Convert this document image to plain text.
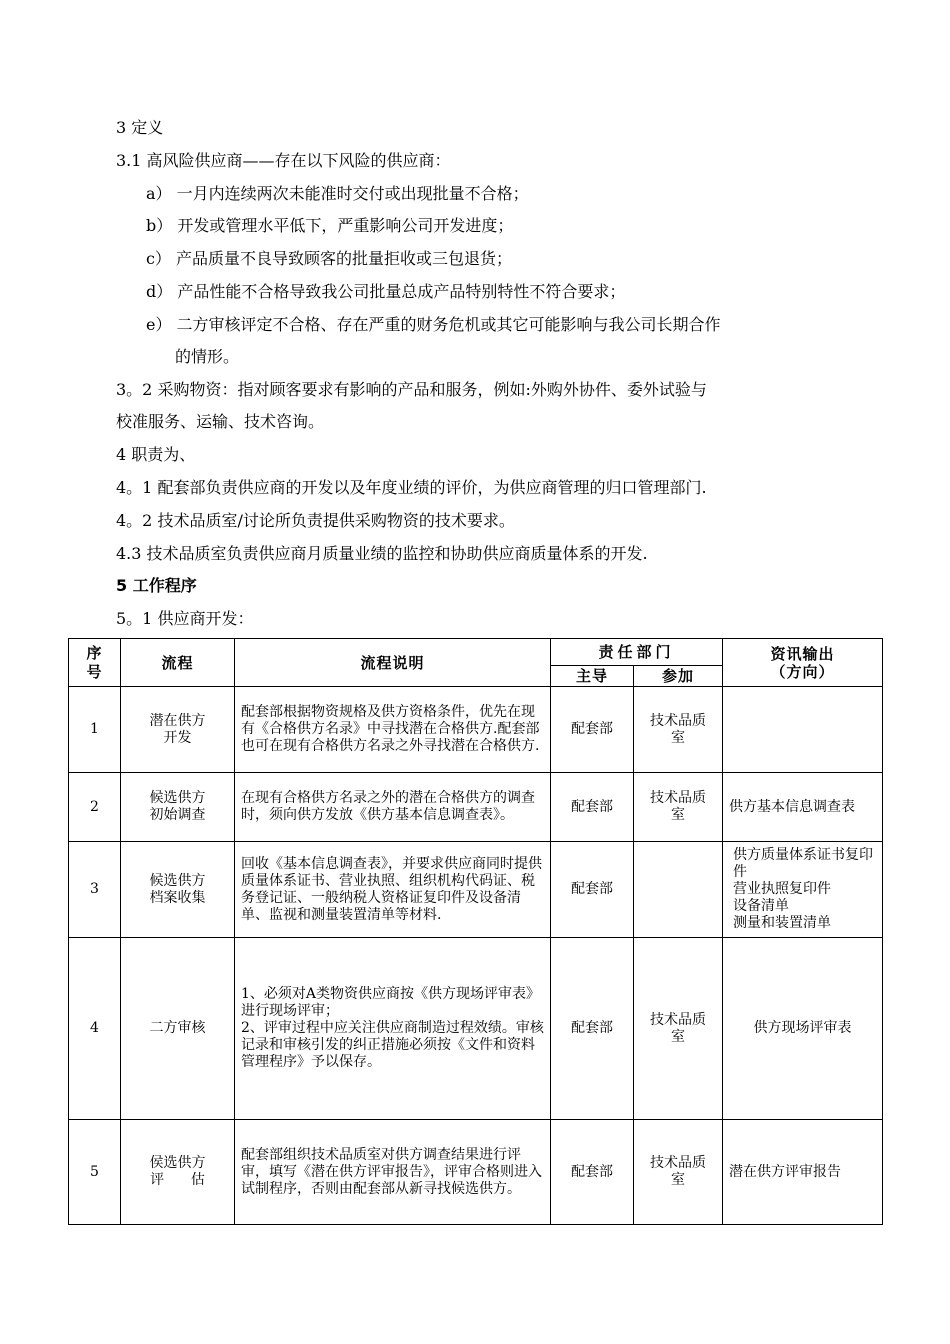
3 定义
3.1 高风险供应商——存在以下风险的供应商：
a） 一月内连续两次未能准时交付或出现批量不合格；
b） 开发或管理水平低下，严重影响公司开发进度；
c） 产品质量不良导致顾客的批量拒收或三包退货；
d） 产品性能不合格导致我公司批量总成产品特别特性不符合要求；
e） 二方审核评定不合格、存在严重的财务危机或其它可能影响与我公司长期合作
的情形。
3。2 采购物资：指对顾客要求有影响的产品和服务，例如:外购外协件、委外试验与
校准服务、运输、技术咨询。
4 职责为、
4。1 配套部负责供应商的开发以及年度业绩的评价，为供应商管理的归口管理部门.
4。2 技术品质室/讨论所负责提供采购物资的技术要求。
4.3 技术品质室负责供应商月质量业绩的监控和协助供应商质量体系的开发.
5 工作程序
5。1 供应商开发：
序号	流程	流程说明	责任部门		资讯输出
（方向）

			主导	参加	
1	潜在供方
开发	配套部根据物资规格及供方资格条件，优先在现有《合格供方名录》中寻找潜在合格供方.配套部也可在现有合格供方名录之外寻找潜在合格供方.	配套部	技术品质
室	

2	候选供方
初始调查	在现有合格供方名录之外的潜在合格供方的调查时，须向供方发放《供方基本信息调查表》。	配套部	技术品质
室	供方基本信息调查表
3	候选供方
档案收集	回收《基本信息调查表》，并要求供应商同时提供质量体系证书、营业执照、组织机构代码证、税务登记证、一般纳税人资格证复印件及设备清单、监视和测量装置清单等材料.	配套部		供方质量体系证书复印件
营业执照复印件
设备清单
测量和装置清单

4	二方审核	1、必须对A类物资供应商按《供方现场评审表》进行现场评审；
2、评审过程中应关注供应商制造过程效绩。审核记录和审核引发的纠正措施必须按《文件和资料管理程序》予以保存。	配套部	技术品质
室	供方现场评审表
5	侯选供方
评      估	配套部组织技术品质室对供方调查结果进行评审，填写《潜在供方评审报告》，评审合格则进入试制程序，否则由配套部从新寻找候选供方。	配套部	技术品质
室	潜在供方评审报告
